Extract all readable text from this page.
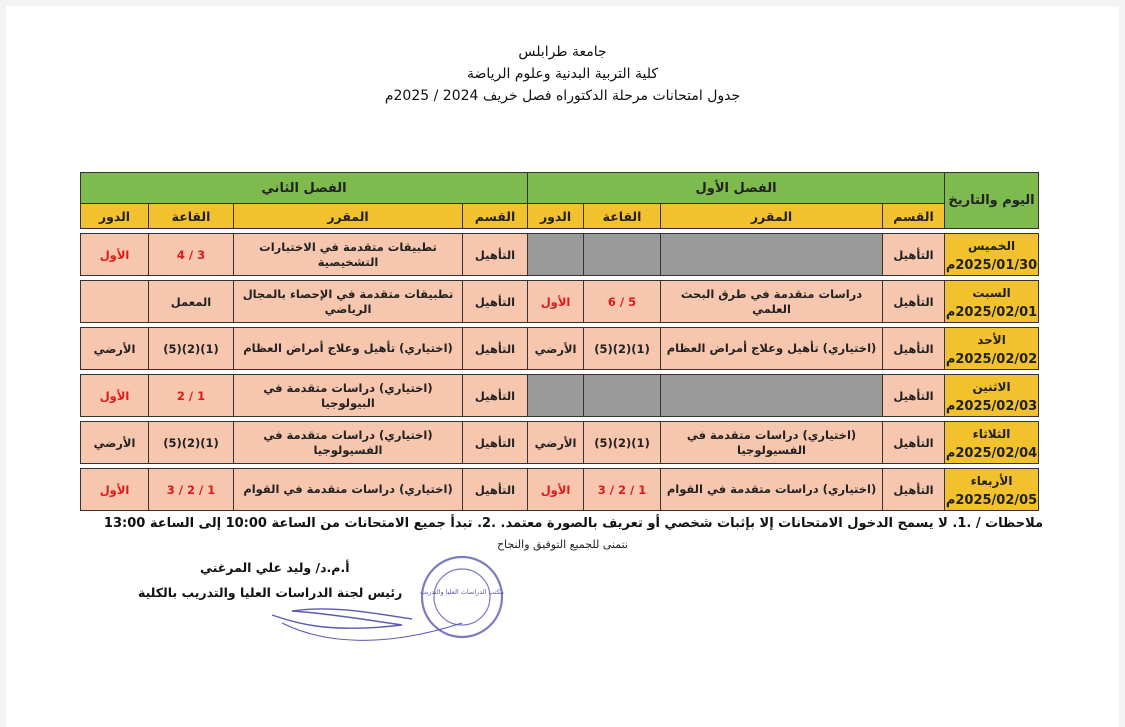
جامعة طرابلس
كلية التربية البدنية وعلوم الرياضة
جدول امتحانات مرحلة الدكتوراه فصل خريف 2024 / 2025م
اليوم والتاريخ	الفصل الأول				الفصل الثاني			
	القسم	المقرر	القاعة	الدور	القسم	المقرر	القاعة	الدور

الخميس
2025/01/30م	التأهيل				التأهيل	تطبيقات متقدمة في الاختبارات التشخيصية	3 / 4	الأول

السبت
2025/02/01م	التأهيل	دراسات متقدمة في طرق البحث العلمي	5 / 6	الأول	التأهيل	تطبيقات متقدمة في الإحصاء بالمجال الرياضي	المعمل	

الأحد
2025/02/02م	التأهيل	(اختياري) تأهيل وعلاج أمراض العظام	(1)(2)(5)	الأرضي	التأهيل	(اختياري) تأهيل وعلاج أمراض العظام	(1)(2)(5)	الأرضي

الاثنين
2025/02/03م	التأهيل				التأهيل	(اختياري) دراسات متقدمة في البيولوجيا	1 / 2	الأول

الثلاثاء
2025/02/04م	التأهيل	(اختياري) دراسات متقدمة في الفسيولوجيا	(1)(2)(5)	الأرضي	التأهيل	(اختياري) دراسات متقدمة في الفسيولوجيا	(1)(2)(5)	الأرضي

الأربعاء
2025/02/05م	التأهيل	(اختياري) دراسات متقدمة في القوام	1 / 2 / 3	الأول	التأهيل	(اختياري) دراسات متقدمة في القوام	1 / 2 / 3	الأول
ملاحظات / .1. لا يسمح الدخول الامتحانات إلا بإثبات شخصي أو تعريف بالصورة معتمد. .2. تبدأ جميع الامتحانات من الساعة 10:00 إلى الساعة 13:00
نتمنى للجميع التوفيق والنجاح
مكتب الدراسات العليا والتدريب
أ.م.د/ وليد علي المرغني
رئيس لجنة الدراسات العليا والتدريب بالكلية
